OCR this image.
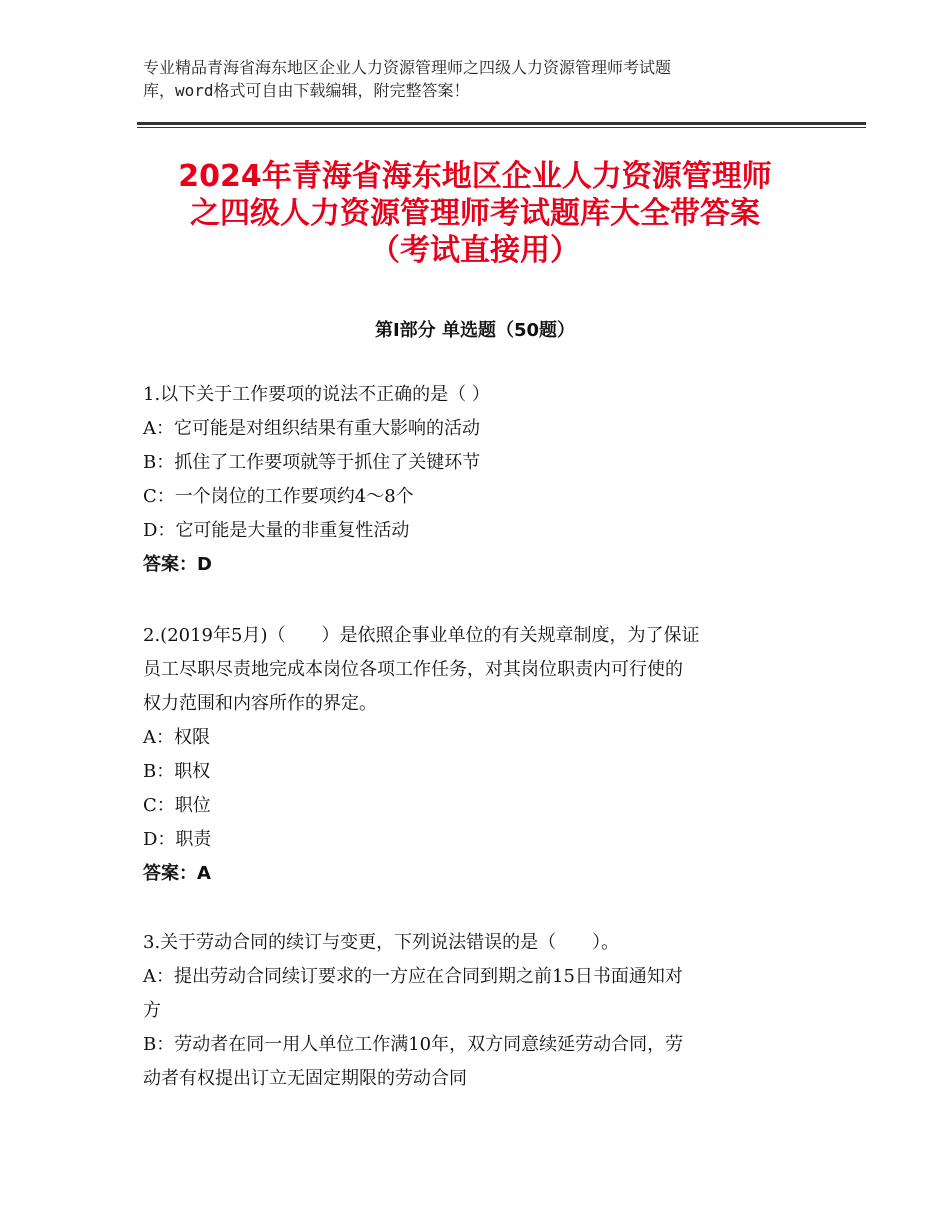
专业精品青海省海东地区企业人力资源管理师之四级人力资源管理师考试题
库，word格式可自由下载编辑，附完整答案！
2024年青海省海东地区企业人力资源管理师
之四级人力资源管理师考试题库大全带答案
（考试直接用）
第Ⅰ部分 单选题（50题）
1.以下关于工作要项的说法不正确的是（ ）
A：它可能是对组织结果有重大影响的活动
B：抓住了工作要项就等于抓住了关键环节
C：一个岗位的工作要项约4～8个
D：它可能是大量的非重复性活动
答案：D
2.(2019年5月)（　　）是依照企事业单位的有关规章制度，为了保证
员工尽职尽责地完成本岗位各项工作任务，对其岗位职责内可行使的
权力范围和内容所作的界定。
A：权限
B：职权
C：职位
D：职责
答案：A
3.关于劳动合同的续订与变更，下列说法错误的是（　　）。
A：提出劳动合同续订要求的一方应在合同到期之前15日书面通知对
方
B：劳动者在同一用人单位工作满10年，双方同意续延劳动合同，劳
动者有权提出订立无固定期限的劳动合同
